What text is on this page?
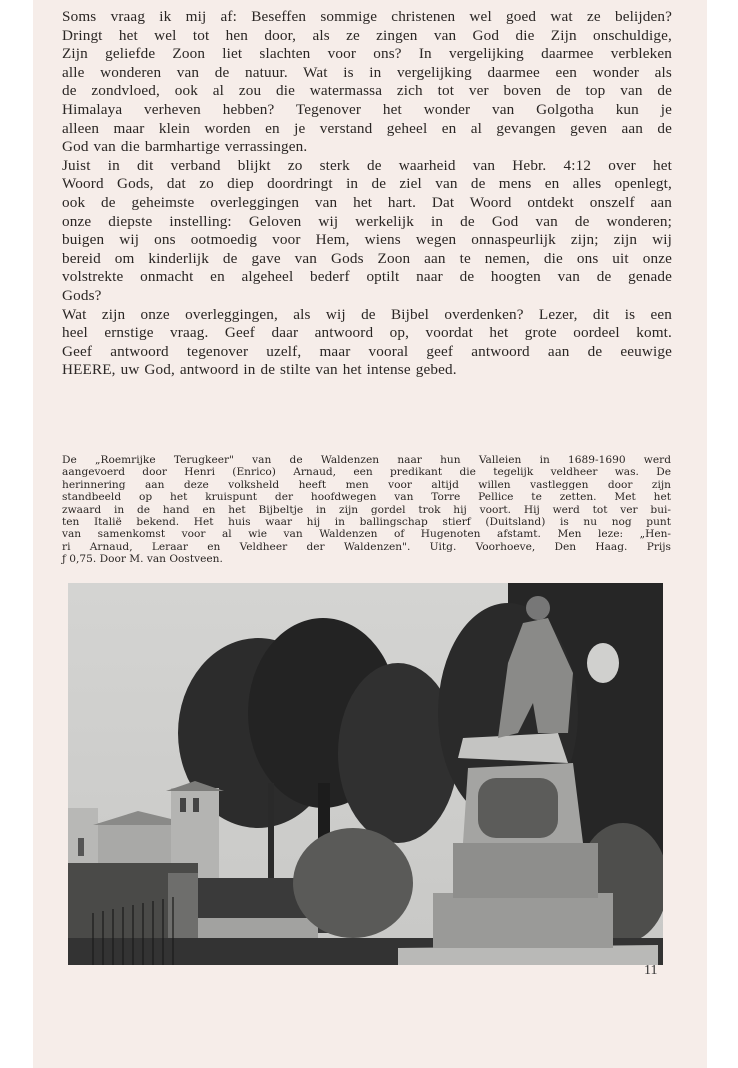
Soms vraag ik mij af: Beseffen sommige christenen wel goed wat ze belijden?
Dringt het wel tot hen door, als ze zingen van God die Zijn onschuldige,
Zijn geliefde Zoon liet slachten voor ons? In vergelijking daarmee verbleken
alle wonderen van de natuur. Wat is in vergelijking daarmee een wonder als
de zondvloed, ook al zou die watermassa zich tot ver boven de top van de
Himalaya verheven hebben? Tegenover het wonder van Golgotha kun je
alleen maar klein worden en je verstand geheel en al gevangen geven aan de
God van die barmhartige verrassingen.
Juist in dit verband blijkt zo sterk de waarheid van Hebr. 4:12 over het
Woord Gods, dat zo diep doordringt in de ziel van de mens en alles openlegt,
ook de geheimste overleggingen van het hart. Dat Woord ontdekt onszelf aan
onze diepste instelling: Geloven wij werkelijk in de God van de wonderen;
buigen wij ons ootmoedig voor Hem, wiens wegen onnaspeurlijk zijn; zijn wij
bereid om kinderlijk de gave van Gods Zoon aan te nemen, die ons uit onze
volstrekte onmacht en algeheel bederf optilt naar de hoogten van de genade
Gods?
Wat zijn onze overleggingen, als wij de Bijbel overdenken? Lezer, dit is een
heel ernstige vraag. Geef daar antwoord op, voordat het grote oordeel komt.
Geef antwoord tegenover uzelf, maar vooral geef antwoord aan de eeuwige
HEERE, uw God, antwoord in de stilte van het intense gebed.
De „Roemrijke Terugkeer" van de Waldenzen naar hun Valleien in 1689-1690 werd
aangevoerd door Henri (Enrico) Arnaud, een predikant die tegelijk veldheer was. De
herinnering aan deze volksheld heeft men voor altijd willen vastleggen door zijn
standbeeld op het kruispunt der hoofdwegen van Torre Pellice te zetten. Met het
zwaard in de hand en het Bijbeltje in zijn gordel trok hij voort. Hij werd tot ver bui-
ten Italië bekend. Het huis waar hij in ballingschap stierf (Duitsland) is nu nog punt
van samenkomst voor al wie van Waldenzen of Hugenoten afstamt. Men leze: „Hen-
ri Arnaud, Leraar en Veldheer der Waldenzen". Uitg. Voorhoeve, Den Haag. Prijs
ƒ 0,75. Door M. van Oostveen.
11
